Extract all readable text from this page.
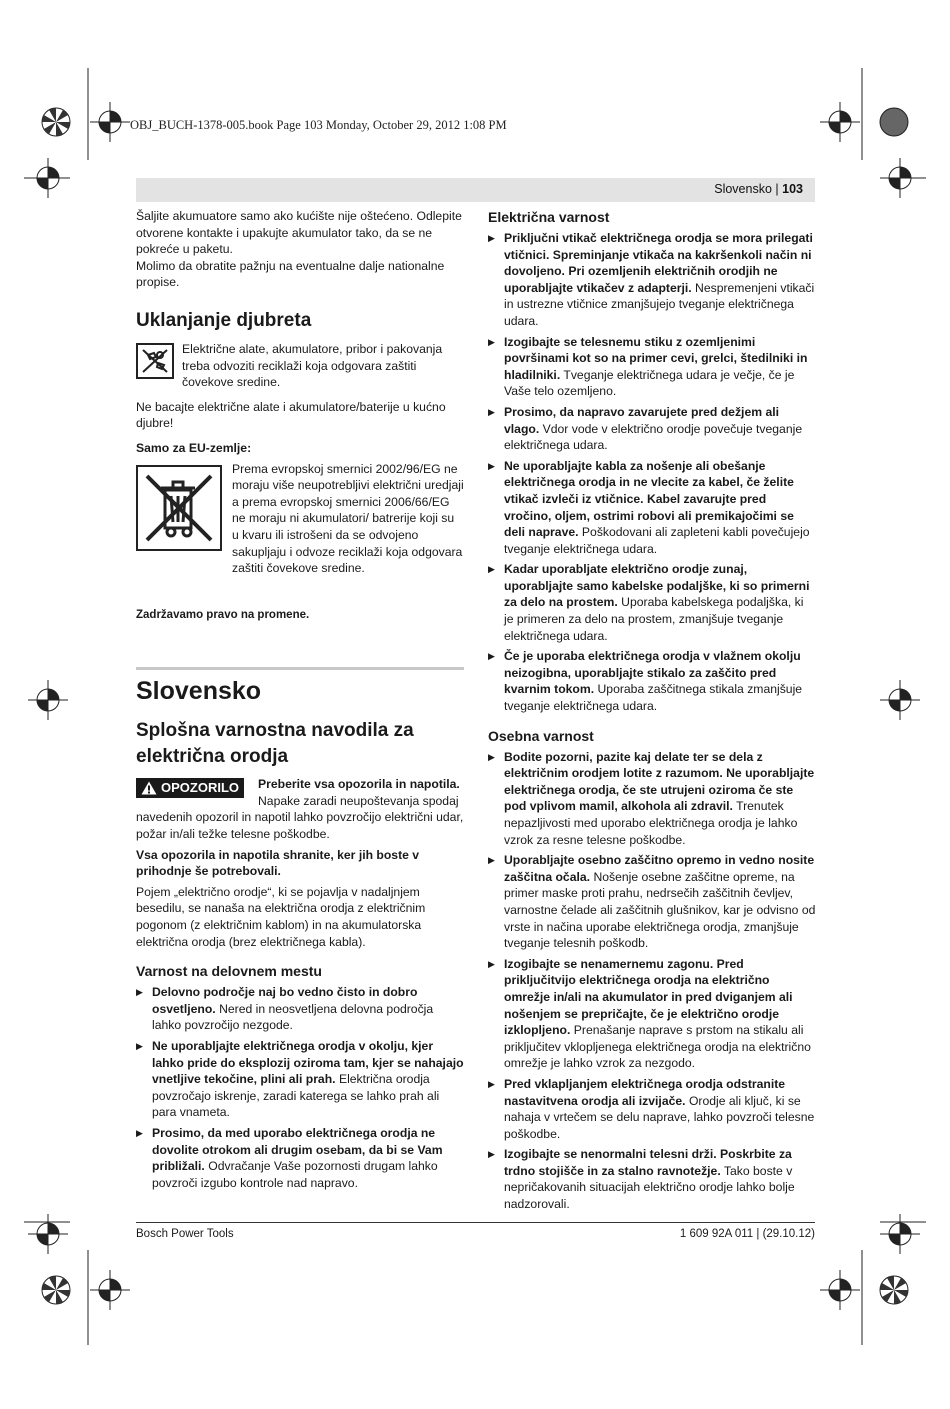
OBJ_BUCH-1378-005.book Page 103 Monday, October 29, 2012 1:08 PM
Slovensko | 103

Šaljite akumuatore samo ako kućište nije oštećeno. Odlepite otvorene kontakte i upakujte akumulator tako, da se ne pokreće u paketu.

Molimo da obratite pažnju na eventualne dalje nationalne propise.

Uklanjanje djubreta

Električne alate, akumulatore, pribor i pakovanja treba odvoziti reciklaži koja odgovara zaštiti čovekove sredine.

Ne bacajte električne alate i akumulatore/baterije u kućno djubre!

Samo za EU-zemlje:

Prema evropskoj smernici 2002/96/EG ne moraju više neupotrebljivi električni uredjaji a prema evropskoj smernici 2006/66/EG ne moraju ni akumulatori/ batrerije koji su u kvaru ili istrošeni da se odvojeno sakupljaju i odvoze reciklaži koja odgovara zaštiti čovekove sredine.

Zadržavamo pravo na promene.

Slovensko
Splošna varnostna navodila za električna orodja
OPOZORILO Preberite vsa opozorila in napotila. Napake zaradi neupoštevanja spodaj navedenih opozoril in napotil lahko povzročijo električni udar, požar in/ali težke telesne poškodbe.

Vsa opozorila in napotila shranite, ker jih boste v prihodnje še potrebovali.

Pojem „električno orodje“, ki se pojavlja v nadaljnjem besedilu, se nanaša na električna orodja z električnim pogonom (z električnim kablom) in na akumulatorska električna orodja (brez električnega kabla).

Varnost na delovnem mestu
▶ Delovno področje naj bo vedno čisto in dobro osvetljeno. Nered in neosvetljena delovna področja lahko povzročijo nezgode.
▶ Ne uporabljajte električnega orodja v okolju, kjer lahko pride do eksplozij oziroma tam, kjer se nahajajo vnetljive tekočine, plini ali prah. Električna orodja povzročajo iskrenje, zaradi katerega se lahko prah ali para vnameta.
▶ Prosimo, da med uporabo električnega orodja ne dovolite otrokom ali drugim osebam, da bi se Vam približali. Odvračanje Vaše pozornosti drugam lahko povzroči izgubo kontrole nad napravo.
Električna varnost
▶ Priključni vtikač električnega orodja se mora prilegati vtičnici. Spreminjanje vtikača na kakršenkoli način ni dovoljeno. Pri ozemljenih električnih orodjih ne uporabljajte vtikačev z adapterji. Nespremenjeni vtikači in ustrezne vtičnice zmanjšujejo tveganje električnega udara.
▶ Izogibajte se telesnemu stiku z ozemljenimi površinami kot so na primer cevi, grelci, štedilniki in hladilniki. Tveganje električnega udara je večje, če je Vaše telo ozemljeno.
▶ Prosimo, da napravo zavarujete pred dežjem ali vlago. Vdor vode v električno orodje povečuje tveganje električnega udara.
▶ Ne uporabljajte kabla za nošenje ali obešanje električnega orodja in ne vlecite za kabel, če želite vtikač izvleči iz vtičnice. Kabel zavarujte pred vročino, oljem, ostrimi robovi ali premikajočimi se deli naprave. Poškodovani ali zapleteni kabli povečujejo tveganje električnega udara.
▶ Kadar uporabljate električno orodje zunaj, uporabljajte samo kabelske podaljške, ki so primerni za delo na prostem. Uporaba kabelskega podaljška, ki je primeren za delo na prostem, zmanjšuje tveganje električnega udara.
▶ Če je uporaba električnega orodja v vlažnem okolju neizogibna, uporabljajte stikalo za zaščito pred kvarnim tokom. Uporaba zaščitnega stikala zmanjšuje tveganje električnega udara.
Osebna varnost
▶ Bodite pozorni, pazite kaj delate ter se dela z električnim orodjem lotite z razumom. Ne uporabljajte električnega orodja, če ste utrujeni oziroma če ste pod vplivom mamil, alkohola ali zdravil. Trenutek nepazljivosti med uporabo električnega orodja je lahko vzrok za resne telesne poškodbe.
▶ Uporabljajte osebno zaščitno opremo in vedno nosite zaščitna očala. Nošenje osebne zaščitne opreme, na primer maske proti prahu, nedrsečih zaščitnih čevljev, varnostne čelade ali zaščitnih glušnikov, kar je odvisno od vrste in načina uporabe električnega orodja, zmanjšuje tveganje telesnih poškodb.
▶ Izogibajte se nenamernemu zagonu. Pred priključitvijo električnega orodja na električno omrežje in/ali na akumulator in pred dviganjem ali nošenjem se prepričajte, če je električno orodje izklopljeno. Prenašanje naprave s prstom na stikalu ali priključitev vklopljenega električnega orodja na električno omrežje je lahko vzrok za nezgodo.
▶ Pred vklapljanjem električnega orodja odstranite nastavitvena orodja ali izvijače. Orodje ali ključ, ki se nahaja v vrtečem se delu naprave, lahko povzroči telesne poškodbe.
▶ Izogibajte se nenormalni telesni drži. Poskrbite za trdno stojišče in za stalno ravnotežje. Tako boste v nepričakovanih situacijah električno orodje lahko bolje nadzorovali.
Bosch Power Tools	1 609 92A 011 | (29.10.12)
